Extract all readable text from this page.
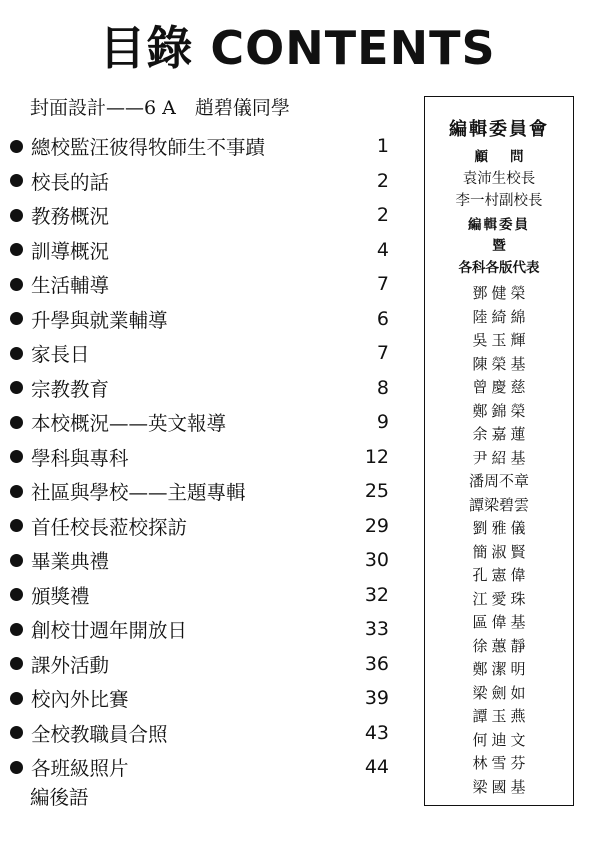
目錄 CONTENTS
封面設計——6 A　趙碧儀同學
總校監汪彼得牧師生不事蹟	1
校長的話	2
教務概況	2
訓導概況	4
生活輔導	7
升學與就業輔導	6
家長日	7
宗教教育	8
本校概況——英文報導	9
學科與專科	12
社區與學校——主題專輯	25
首任校長蒞校探訪	29
畢業典禮	30
頒獎禮	32
創校廿週年開放日	33
課外活動	36
校內外比賽	39
全校教職員合照	43
各班級照片	44
編後語
編輯委員會
顧問
袁沛生校長
李一村副校長
編輯委員
暨
各科各版代表
鄧健榮
陸綺綿
吳玉輝
陳榮基
曾慶慈
鄭錦榮
余嘉蓮
尹紹基
潘周不章
譚梁碧雲
劉雅儀
簡淑賢
孔憲偉
江愛珠
區偉基
徐蕙靜
鄭潔明
梁劍如
譚玉燕
何迪文
林雪芬
梁國基
